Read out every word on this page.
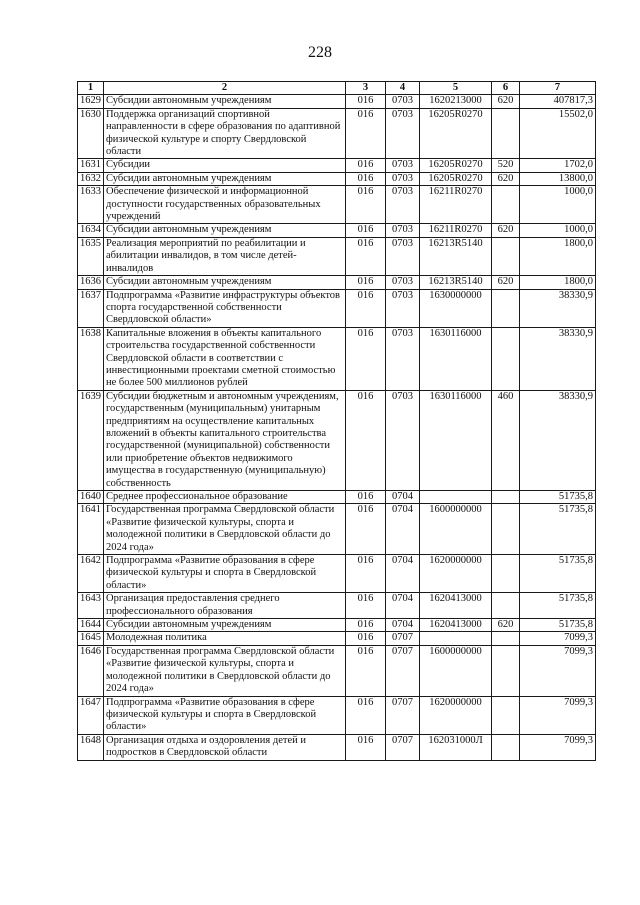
228
1	2	3	4	5	6	7
1629	Субсидии автономным учреждениям	016	0703	1620213000	620	407817,3
1630	Поддержка организаций спортивной направленности в сфере образования по адаптивной физической культуре и спорту Свердловской области	016	0703	16205R0270		15502,0
1631	Субсидии	016	0703	16205R0270	520	1702,0
1632	Субсидии автономным учреждениям	016	0703	16205R0270	620	13800,0
1633	Обеспечение физической и информационной доступности государственных образовательных учреждений	016	0703	16211R0270		1000,0
1634	Субсидии автономным учреждениям	016	0703	16211R0270	620	1000,0
1635	Реализация мероприятий по реабилитации и абилитации инвалидов, в том числе детей-инвалидов	016	0703	16213R5140		1800,0
1636	Субсидии автономным учреждениям	016	0703	16213R5140	620	1800,0
1637	Подпрограмма «Развитие инфраструктуры объектов спорта государственной собственности Свердловской области»	016	0703	1630000000		38330,9
1638	Капитальные вложения в объекты капитального строительства государственной собственности Свердловской области в соответствии с инвестиционными проектами сметной стоимостью не более 500 миллионов рублей	016	0703	1630116000		38330,9
1639	Субсидии бюджетным и автономным учреждениям, государственным (муниципальным) унитарным предприятиям на осуществление капитальных вложений в объекты капитального строительства государственной (муниципальной) собственности или приобретение объектов недвижимого имущества в государственную (муниципальную) собственность	016	0703	1630116000	460	38330,9
1640	Среднее профессиональное образование	016	0704			51735,8
1641	Государственная программа Свердловской области «Развитие физической культуры, спорта и молодежной политики в Свердловской области до 2024 года»	016	0704	1600000000		51735,8
1642	Подпрограмма «Развитие образования в сфере физической культуры и спорта в Свердловской области»	016	0704	1620000000		51735,8
1643	Организация предоставления среднего профессионального образования	016	0704	1620413000		51735,8
1644	Субсидии автономным учреждениям	016	0704	1620413000	620	51735,8
1645	Молодежная политика	016	0707			7099,3
1646	Государственная программа Свердловской области «Развитие физической культуры, спорта и молодежной политики в Свердловской области до 2024 года»	016	0707	1600000000		7099,3
1647	Подпрограмма «Развитие образования в сфере физической культуры и спорта в Свердловской области»	016	0707	1620000000		7099,3
1648	Организация отдыха и оздоровления детей и подростков в Свердловской области	016	0707	162031000Л		7099,3
